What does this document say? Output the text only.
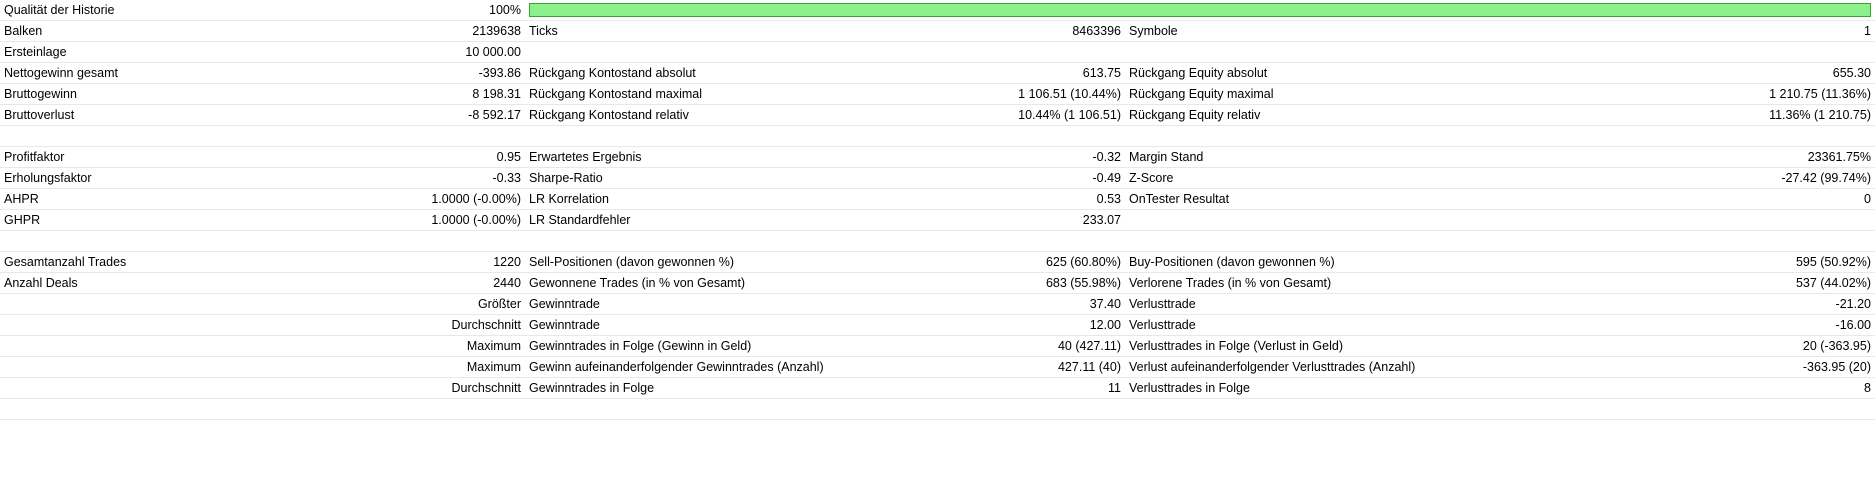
Qualität der Historie	100%				

Balken	2139638	Ticks	8463396	Symbole	1
Ersteinlage	10 000.00				
Nettogewinn gesamt	-393.86	Rückgang Kontostand absolut	613.75	Rückgang Equity absolut	655.30
Bruttogewinn	8 198.31	Rückgang Kontostand maximal	1 106.51 (10.44%)	Rückgang Equity maximal	1 210.75 (11.36%)
Bruttoverlust	-8 592.17	Rückgang Kontostand relativ	10.44% (1 106.51)	Rückgang Equity relativ	11.36% (1 210.75)

Profitfaktor	0.95	Erwartetes Ergebnis	-0.32	Margin Stand	23361.75%
Erholungsfaktor	-0.33	Sharpe-Ratio	-0.49	Z-Score	-27.42 (99.74%)
AHPR	1.0000 (-0.00%)	LR Korrelation	0.53	OnTester Resultat	0
GHPR	1.0000 (-0.00%)	LR Standardfehler	233.07		

Gesamtanzahl Trades	1220	Sell-Positionen (davon gewonnen %)	625 (60.80%)	Buy-Positionen (davon gewonnen %)	595 (50.92%)
Anzahl Deals	2440	Gewonnene Trades (in % von Gesamt)	683 (55.98%)	Verlorene Trades (in % von Gesamt)	537 (44.02%)
	Größter	Gewinntrade	37.40	Verlusttrade	-21.20
	Durchschnitt	Gewinntrade	12.00	Verlusttrade	-16.00
	Maximum	Gewinntrades in Folge (Gewinn in Geld)	40 (427.11)	Verlusttrades in Folge (Verlust in Geld)	20 (-363.95)
	Maximum	Gewinn aufeinanderfolgender Gewinntrades (Anzahl)	427.11 (40)	Verlust aufeinanderfolgender Verlusttrades (Anzahl)	-363.95 (20)
	Durchschnitt	Gewinntrades in Folge	11	Verlusttrades in Folge	8
